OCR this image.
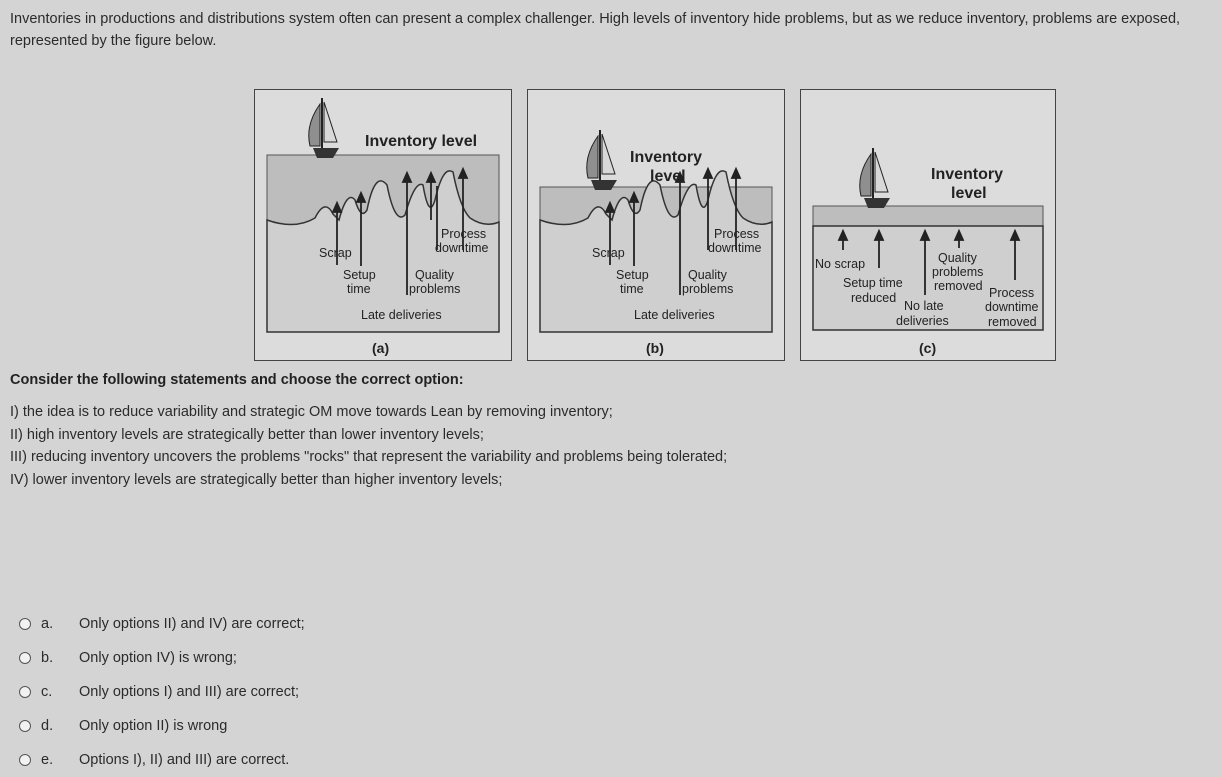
Inventories in productions and distributions system often can present a complex challenger. High levels of inventory hide problems, but as we reduce inventory, problems are exposed,
represented by the figure below.
Inventory level
Scrap
Process
downtime
Setup
time
Quality
problems
Late deliveries
(a)
Inventory
level
Scrap
Process
downtime
Setup
time
Quality
problems
Late deliveries
(b)
Inventory
level
No scrap
Setup time
reduced
Quality
problems
removed
No late
deliveries
Process
downtime
removed
(c)
Consider the following statements and choose the correct option:
I) the idea is to reduce variability and strategic OM move towards Lean by removing inventory;
II) high inventory levels are strategically better than lower inventory levels;
III) reducing inventory uncovers the problems "rocks" that represent the variability and problems being tolerated;
IV) lower inventory levels are strategically better than higher inventory levels;
a.	Only options II) and IV) are correct;
b.	Only option IV) is wrong;
c.	Only options I) and III) are correct;
d.	Only option II) is wrong
e.	Options I), II) and III) are correct.
